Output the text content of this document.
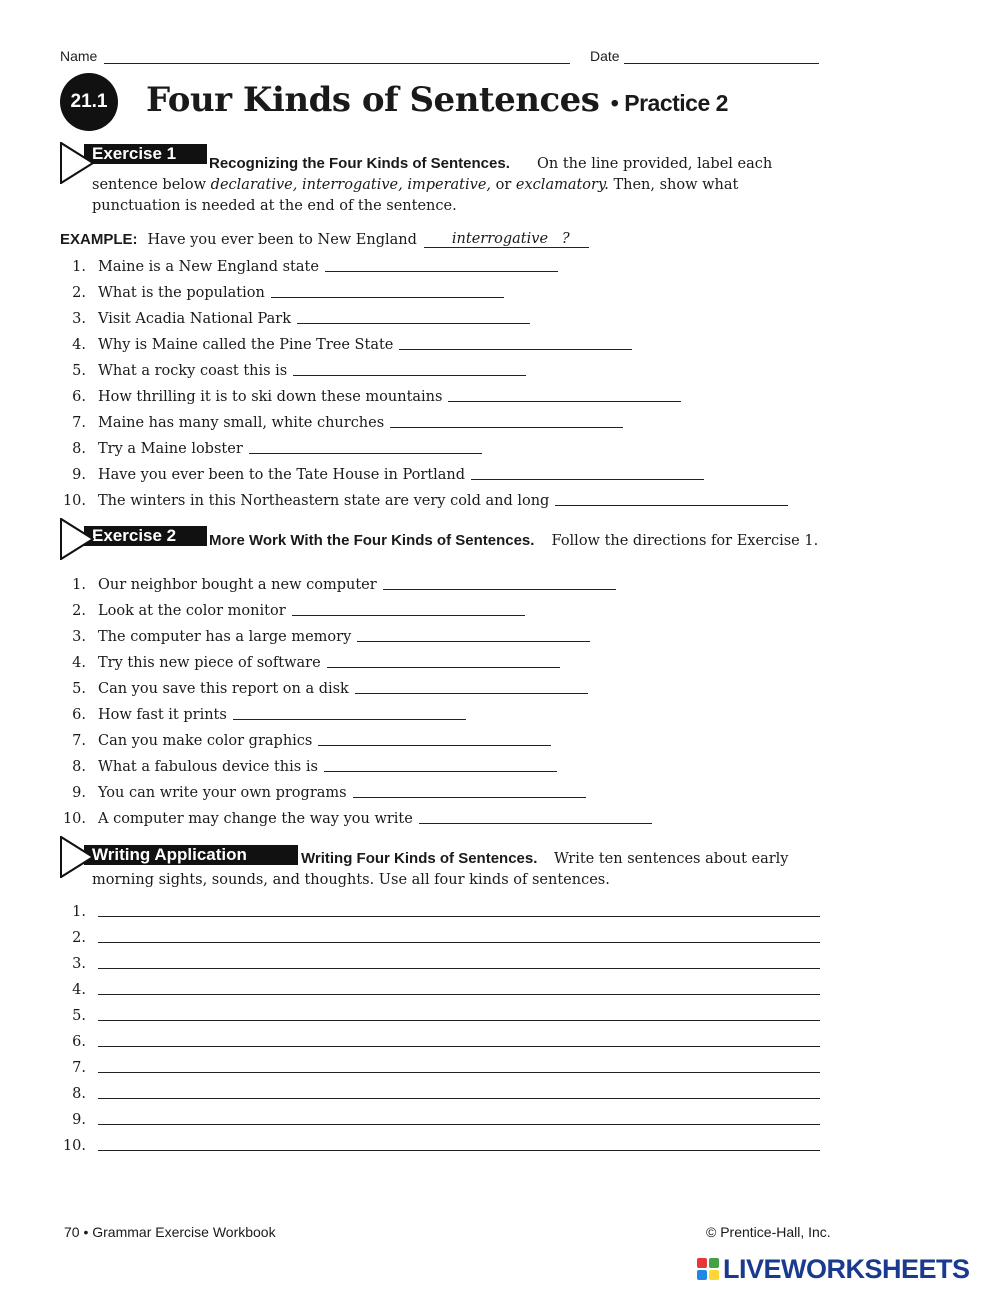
Name	Date
21.1 Four Kinds of Sentences • Practice 2
Exercise 1
Recognizing the Four Kinds of Sentences.	On the line provided, label each sentence below declarative, interrogative, imperative, or exclamatory. Then, show what punctuation is needed at the end of the sentence.
EXAMPLE: Have you ever been to New England	interrogative ?
1. Maine is a New England state
2. What is the population
3. Visit Acadia National Park
4. Why is Maine called the Pine Tree State
5. What a rocky coast this is
6. How thrilling it is to ski down these mountains
7. Maine has many small, white churches
8. Try a Maine lobster
9. Have you ever been to the Tate House in Portland
10. The winters in this Northeastern state are very cold and long
Exercise 2	More Work With the Four Kinds of Sentences. Follow the directions for Exercise 1.
1. Our neighbor bought a new computer
2. Look at the color monitor
3. The computer has a large memory
4. Try this new piece of software
5. Can you save this report on a disk
6. How fast it prints
7. Can you make color graphics
8. What a fabulous device this is
9. You can write your own programs
10. A computer may change the way you write
Writing Application	Writing Four Kinds of Sentences. Write ten sentences about early morning sights, sounds, and thoughts. Use all four kinds of sentences.
1.
2.
3.
4.
5.
6.
7.
8.
9.
10.
70 • Grammar Exercise Workbook	© Prentice-Hall, Inc.
LIVEWORKSHEETS
